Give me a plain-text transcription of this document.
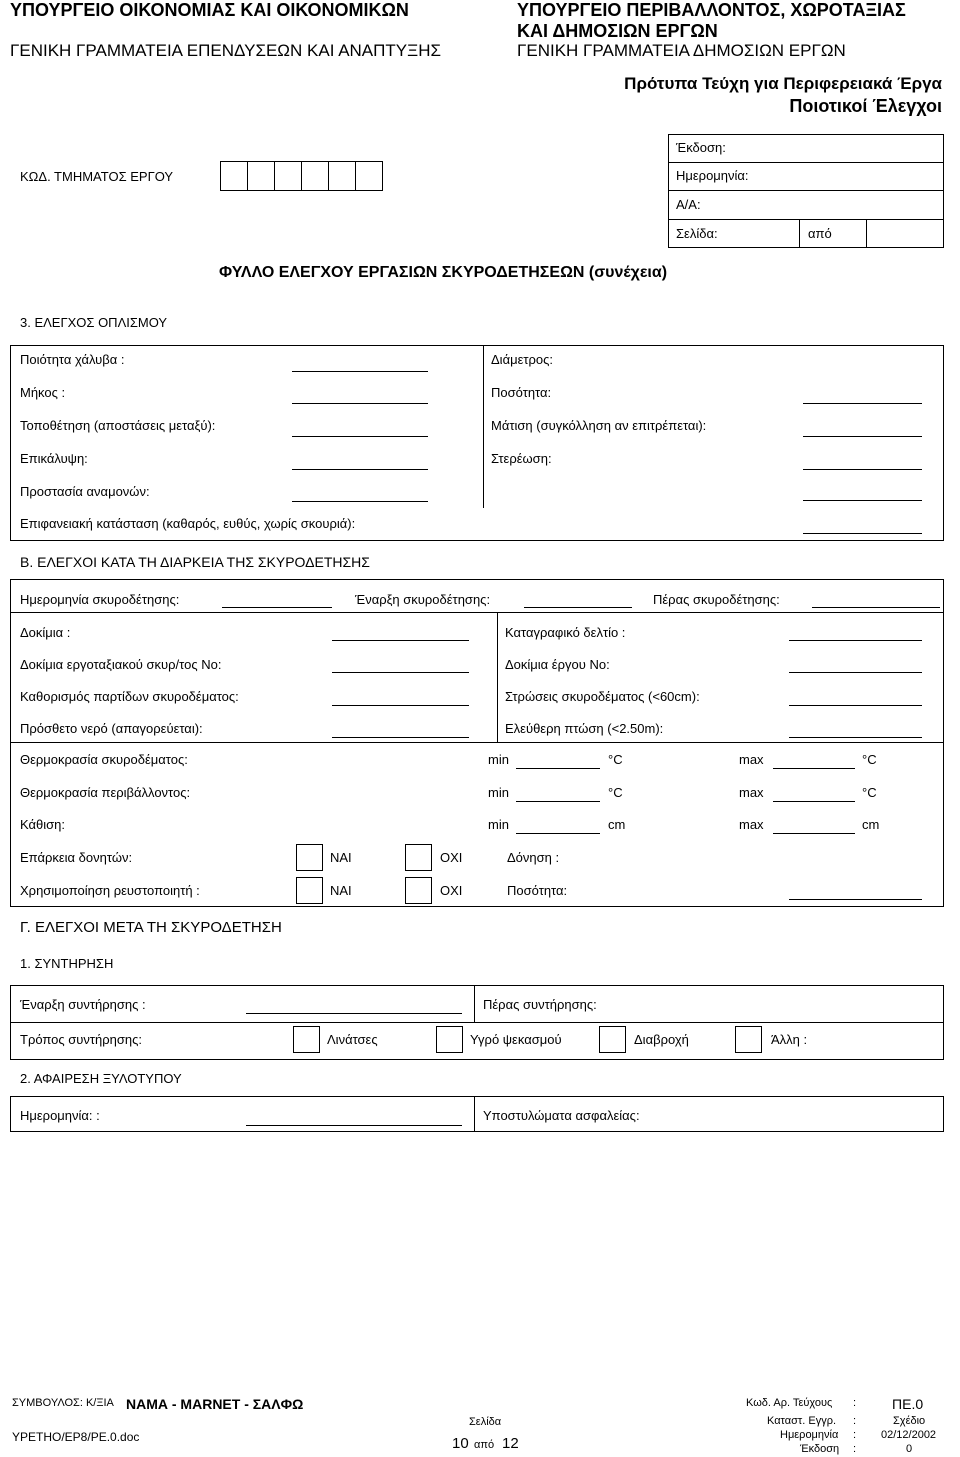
ΥΠΟΥΡΓΕΙΟ ΟΙΚΟΝΟΜΙΑΣ ΚΑΙ ΟΙΚΟΝΟΜΙΚΩΝ
ΓΕΝΙΚΗ ΓΡΑΜΜΑΤΕΙΑ ΕΠΕΝΔΥΣΕΩΝ ΚΑΙ ΑΝΑΠΤΥΞΗΣ
ΥΠΟΥΡΓΕΙΟ ΠΕΡΙΒΑΛΛΟΝΤΟΣ, ΧΩΡΟΤΑΞΙΑΣ
ΚΑΙ ΔΗΜΟΣΙΩΝ ΕΡΓΩΝ
ΓΕΝΙΚΗ ΓΡΑΜΜΑΤΕΙΑ ΔΗΜΟΣΙΩΝ ΕΡΓΩΝ
Πρότυπα Τεύχη για Περιφερειακά Έργα
Ποιοτικοί Έλεγχοι
ΚΩΔ. ΤΜΗΜΑΤΟΣ ΕΡΓΟΥ
Έκδοση:
Ημερομηνία:
Α/Α:
Σελίδα:	από
ΦΥΛΛΟ ΕΛΕΓΧΟΥ ΕΡΓΑΣΙΩΝ ΣΚΥΡΟΔΕΤΗΣΕΩΝ (συνέχεια)
3. ΕΛΕΓΧΟΣ ΟΠΛΙΣΜΟΥ
Ποιότητα χάλυβα :
Μήκος :
Τοποθέτηση (αποστάσεις μεταξύ):
Επικάλυψη:
Προστασία αναμονών:
Επιφανειακή κατάσταση (καθαρός, ευθύς, χωρίς σκουριά):
Διάμετρος:
Ποσότητα:
Μάτιση (συγκόλληση αν επιτρέπεται):
Στερέωση:
Β. ΕΛΕΓΧΟΙ ΚΑΤΑ ΤΗ ΔΙΑΡΚΕΙΑ ΤΗΣ ΣΚΥΡΟΔΕΤΗΣΗΣ
Ημερομηνία σκυροδέτησης:	Έναρξη σκυροδέτησης:	Πέρας σκυροδέτησης:
Δοκίμια :
Δοκίμια εργοταξιακού σκυρ/τος Νο:
Καθορισμός παρτίδων σκυροδέματος:
Πρόσθετο νερό (απαγορεύεται):
Καταγραφικό δελτίο :
Δοκίμια έργου Νο:
Στρώσεις σκυροδέματος (<60cm):
Ελεύθερη πτώση (<2.50m):
Θερμοκρασία σκυροδέματος:	min	°C	max	°C
Θερμοκρασία περιβάλλοντος:	min	°C	max	°C
Κάθιση:	min	cm	max	cm
Επάρκεια δονητών:	ΝΑΙ	ΟΧΙ	Δόνηση :
Χρησιμοποίηση ρευστοποιητή :	ΝΑΙ	ΟΧΙ	Ποσότητα:
Γ. ΕΛΕΓΧΟΙ ΜΕΤΑ ΤΗ ΣΚΥΡΟΔΕΤΗΣΗ
1. ΣΥΝΤΗΡΗΣΗ
Έναρξη συντήρησης :	Πέρας συντήρησης:
Τρόπος συντήρησης:	Λινάτσες	Υγρό ψεκασμού	Διαβροχή	Άλλη :
2. ΑΦΑΙΡΕΣΗ ΞΥΛΟΤΥΠΟΥ
Ημερομηνία: :	Υποστυλώματα ασφαλείας:
ΣΥΜΒΟΥΛΟΣ: Κ/ΞΙΑ ΝΑΜΑ - MARNET - ΣΑΛΦΩ
ΥΡΕΤΗΟ/ΕΡ8/ΡΕ.0.doc
Σελίδα
10 από 12
Κωδ. Αρ. Τεύχους :	ΠΕ.0
Καταστ. Εγγρ. :	Σχέδιο
Ημερομηνία : 02/12/2002
Έκδοση :	0
